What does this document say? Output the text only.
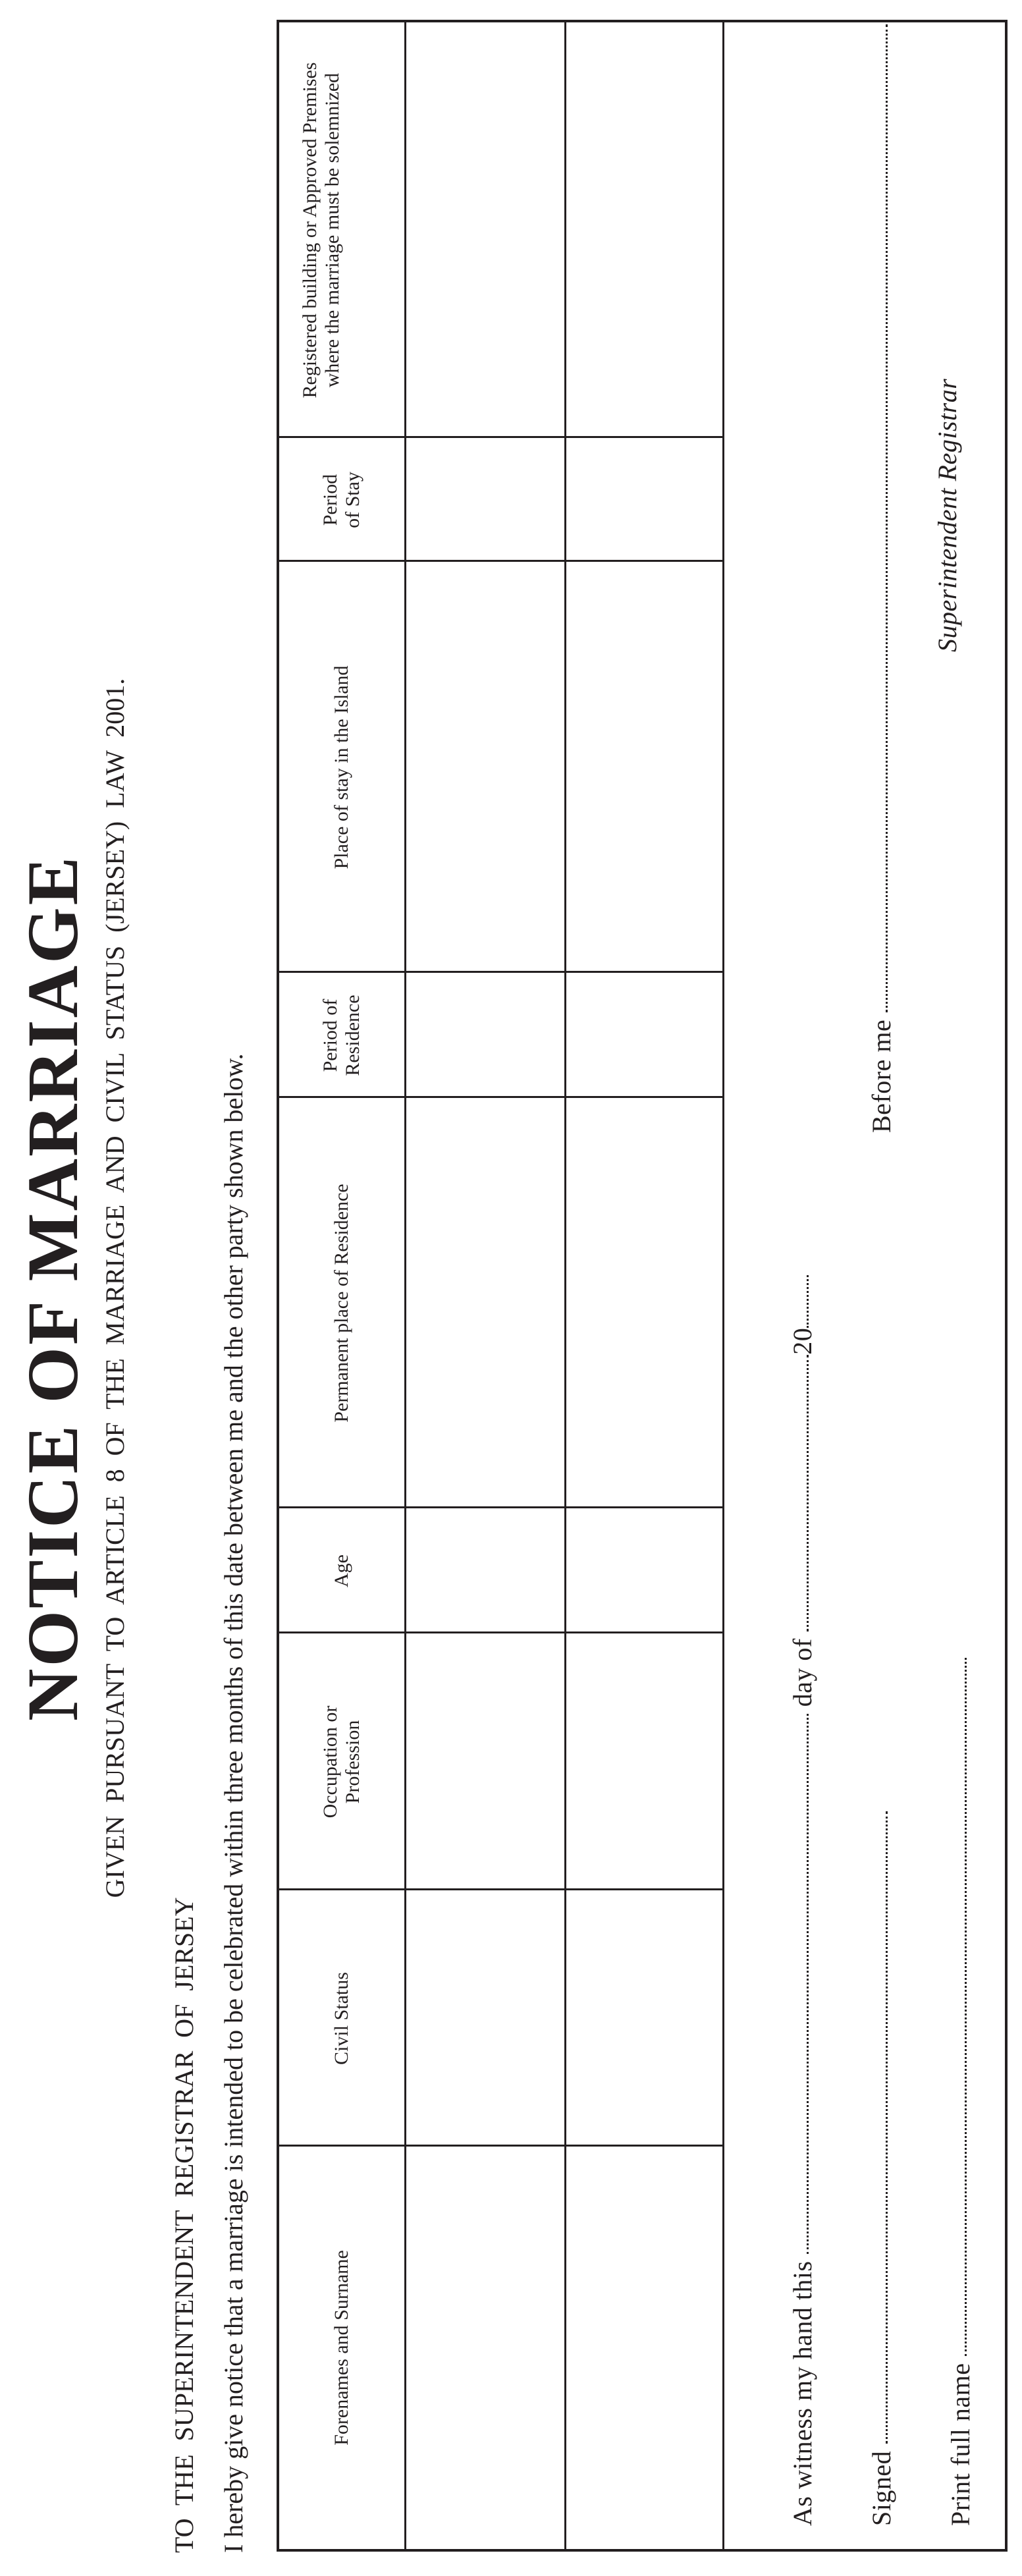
NOTICE OF MARRIAGE GIVEN PURSUANT TO ARTICLE 8 OF THE MARRIAGE AND CIVIL STATUS (JERSEY) LAW 2001.
TO THE SUPERINTENDENT REGISTRAR OF JERSEY I hereby give notice that a marriage is intended to be celebrated within three months of this date between me and the other party shown below.	Forenames and Surname
Civil Status
Occupation or Profession
Age
Permanent place of Residence
Period of Residence
Place of stay in the Island
Period of Stay
Registered building or Approved Premises where the marriage must be solemnized
As witness my hand this  day of 20
Signed
Before me
Print full name
Superintendent Registrar
